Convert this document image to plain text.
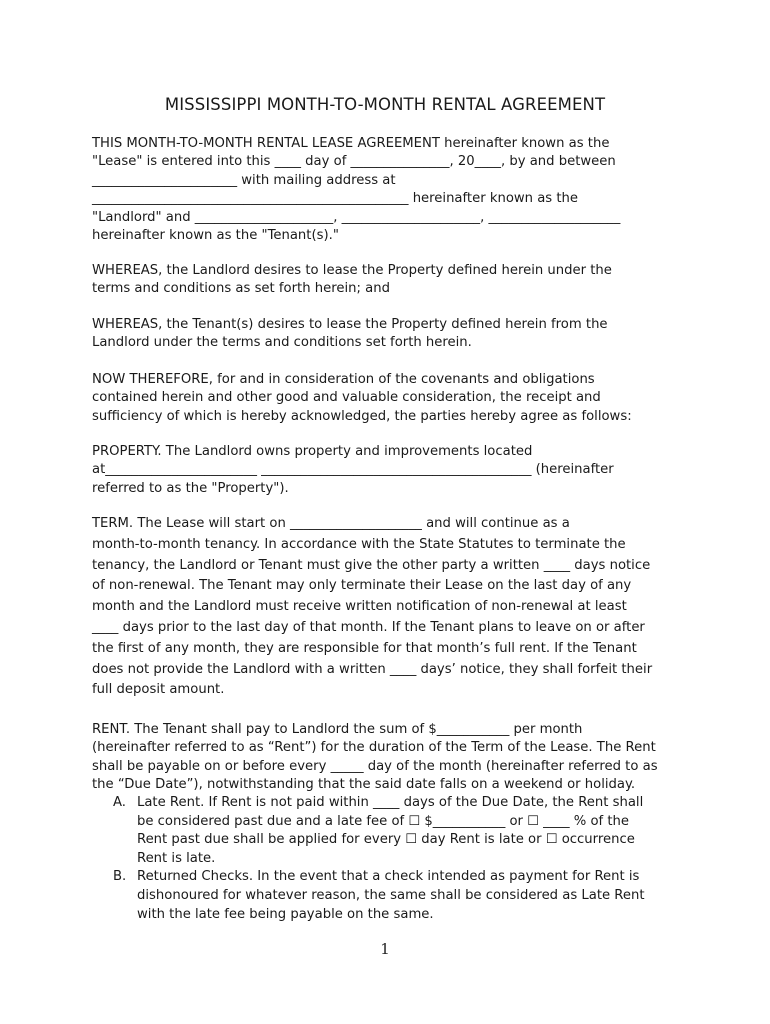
MISSISSIPPI MONTH-TO-MONTH RENTAL AGREEMENT

THIS MONTH-TO-MONTH RENTAL LEASE AGREEMENT hereinafter known as the
"Lease" is entered into this ____ day of _______________, 20____, by and between
______________________ with mailing address at
________________________________________________ hereinafter known as the
"Landlord" and _____________________, _____________________, ____________________
hereinafter known as the "Tenant(s)."

WHEREAS, the Landlord desires to lease the Property defined herein under the
terms and conditions as set forth herein; and

WHEREAS, the Tenant(s) desires to lease the Property defined herein from the
Landlord under the terms and conditions set forth herein.

NOW THEREFORE, for and in consideration of the covenants and obligations
contained herein and other good and valuable consideration, the receipt and
sufficiency of which is hereby acknowledged, the parties hereby agree as follows:

PROPERTY. The Landlord owns property and improvements located
at_______________________ _________________________________________ (hereinafter
referred to as the "Property").

TERM. The Lease will start on ____________________ and will continue as a
month-to-month tenancy. In accordance with the State Statutes to terminate the
tenancy, the Landlord or Tenant must give the other party a written ____ days notice
of non-renewal. The Tenant may only terminate their Lease on the last day of any
month and the Landlord must receive written notification of non-renewal at least
____ days prior to the last day of that month. If the Tenant plans to leave on or after
the first of any month, they are responsible for that month’s full rent. If the Tenant
does not provide the Landlord with a written ____ days’ notice, they shall forfeit their
full deposit amount.

RENT. The Tenant shall pay to Landlord the sum of $___________ per month
(hereinafter referred to as “Rent”) for the duration of the Term of the Lease. The Rent
shall be payable on or before every _____ day of the month (hereinafter referred to as
the “Due Date”), notwithstanding that the said date falls on a weekend or holiday.

A. Late Rent. If Rent is not paid within ____ days of the Due Date, the Rent shall
be considered past due and a late fee of ☐ $___________ or ☐ ____ % of the
Rent past due shall be applied for every ☐ day Rent is late or ☐ occurrence
Rent is late.
B. Returned Checks. In the event that a check intended as payment for Rent is
dishonoured for whatever reason, the same shall be considered as Late Rent
with the late fee being payable on the same.
1
